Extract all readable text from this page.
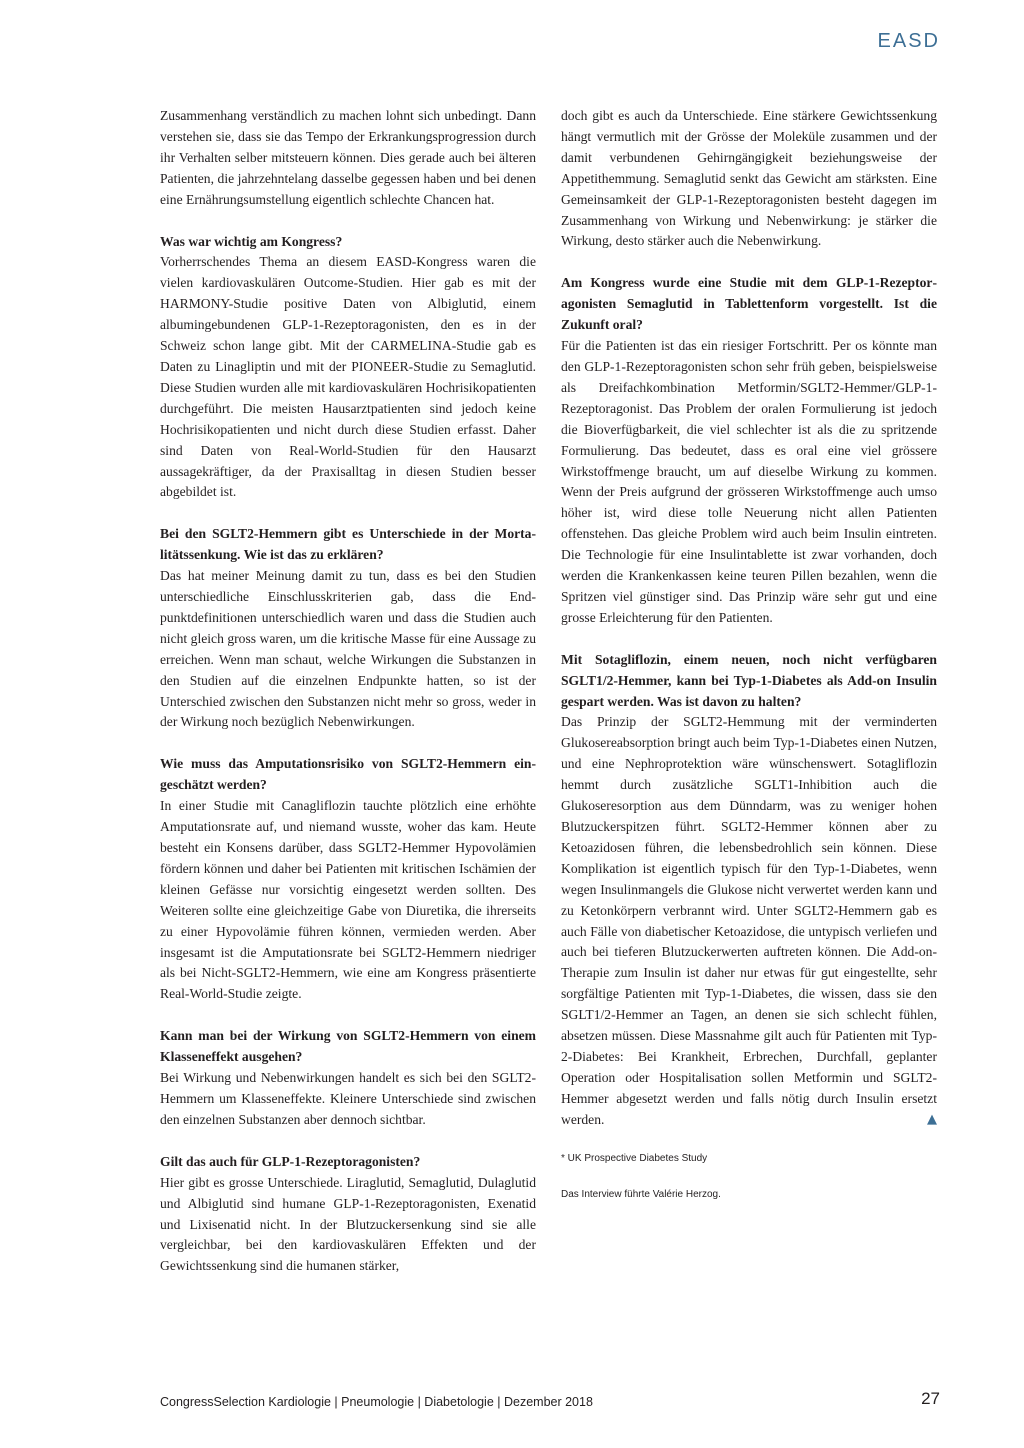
EASD

Zusammenhang verständlich zu machen lohnt sich unbedingt. Dann verstehen sie, dass sie das Tempo der Erkrankungsprogression durch ihr Verhalten selber mitsteuern können. Dies gerade auch bei älteren Patienten, die jahrzehntelang dasselbe gegessen haben und bei denen eine Ernährungsumstellung eigentlich schlechte Chancen hat.

Was war wichtig am Kongress?

Vorherrschendes Thema an diesem EASD-Kongress waren die vielen kardiovaskulären Outcome-Studien. Hier gab es mit der HARMONY-Studie positive Daten von Albiglutid, einem albumingebundenen GLP-1-Rezeptoragonisten, den es in der Schweiz schon lange gibt. Mit der CARMELINA-Studie gab es Daten zu Linagliptin und mit der PIONEER-Studie zu Semaglutid. Diese Studien wurden alle mit kardiovaskulären Hochrisikopatienten durchgeführt. Die meisten Hausarztpatienten sind jedoch keine Hochrisikopatienten und nicht durch diese Studien erfasst. Daher sind Daten von Real-World-Studien für den Hausarzt aussagekräftiger, da der Praxisalltag in diesen Studien besser abgebildet ist.

Bei den SGLT2-Hemmern gibt es Unterschiede in der Mortalitätssenkung. Wie ist das zu erklären?

Das hat meiner Meinung damit zu tun, dass es bei den Studien unterschiedliche Einschlusskriterien gab, dass die Endpunktdefinitionen unterschiedlich waren und dass die Studien auch nicht gleich gross waren, um die kritische Masse für eine Aussage zu erreichen. Wenn man schaut, welche Wirkungen die Substanzen in den Studien auf die einzelnen Endpunkte hatten, so ist der Unterschied zwischen den Substanzen nicht mehr so gross, weder in der Wirkung noch bezüglich Nebenwirkungen.

Wie muss das Amputationsrisiko von SGLT2-Hemmern eingeschätzt werden?

In einer Studie mit Canagliflozin tauchte plötzlich eine erhöhte Amputationsrate auf, und niemand wusste, woher das kam. Heute besteht ein Konsens darüber, dass SGLT2-Hemmer Hypovolämien fördern können und daher bei Patienten mit kritischen Ischämien der kleinen Gefässe nur vorsichtig eingesetzt werden sollten. Des Weiteren sollte eine gleichzeitige Gabe von Diuretika, die ihrerseits zu einer Hypovolämie führen können, vermieden werden. Aber insgesamt ist die Amputationsrate bei SGLT2-Hemmern niedriger als bei Nicht-SGLT2-Hemmern, wie eine am Kongress präsentierte Real-World-Studie zeigte.

Kann man bei der Wirkung von SGLT2-Hemmern von einem Klasseneffekt ausgehen?

Bei Wirkung und Nebenwirkungen handelt es sich bei den SGLT2-Hemmern um Klasseneffekte. Kleinere Unterschiede sind zwischen den einzelnen Substanzen aber dennoch sichtbar.

Gilt das auch für GLP-1-Rezeptoragonisten?

Hier gibt es grosse Unterschiede. Liraglutid, Semaglutid, Dulaglutid und Albiglutid sind humane GLP-1-Rezeptoragonisten, Exenatid und Lixisenatid nicht. In der Blutzuckersenkung sind sie alle vergleichbar, bei den kardiovaskulären Effekten und der Gewichtssenkung sind die humanen stärker,

doch gibt es auch da Unterschiede. Eine stärkere Gewichtssenkung hängt vermutlich mit der Grösse der Moleküle zusammen und der damit verbundenen Gehirngängigkeit beziehungsweise der Appetithemmung. Semaglutid senkt das Gewicht am stärksten. Eine Gemeinsamkeit der GLP-1-Rezeptoragonisten besteht dagegen im Zusammenhang von Wirkung und Nebenwirkung: je stärker die Wirkung, desto stärker auch die Nebenwirkung.

Am Kongress wurde eine Studie mit dem GLP-1-Rezeptoragonisten Semaglutid in Tablettenform vorgestellt. Ist die Zukunft oral?

Für die Patienten ist das ein riesiger Fortschritt. Per os könnte man den GLP-1-Rezeptoragonisten schon sehr früh geben, beispielsweise als Dreifachkombination Metformin/SGLT2-Hemmer/GLP-1-Rezeptoragonist. Das Problem der oralen Formulierung ist jedoch die Bioverfügbarkeit, die viel schlechter ist als die zu spritzende Formulierung. Das bedeutet, dass es oral eine viel grössere Wirkstoffmenge braucht, um auf dieselbe Wirkung zu kommen. Wenn der Preis aufgrund der grösseren Wirkstoffmenge auch umso höher ist, wird diese tolle Neuerung nicht allen Patienten offenstehen. Das gleiche Problem wird auch beim Insulin eintreten. Die Technologie für eine Insulintablette ist zwar vorhanden, doch werden die Krankenkassen keine teuren Pillen bezahlen, wenn die Spritzen viel günstiger sind. Das Prinzip wäre sehr gut und eine grosse Erleichterung für den Patienten.

Mit Sotagliflozin, einem neuen, noch nicht verfügbaren SGLT1/2-Hemmer, kann bei Typ-1-Diabetes als Add-on Insulin gespart werden. Was ist davon zu halten?

Das Prinzip der SGLT2-Hemmung mit der verminderten Glukosereabsorption bringt auch beim Typ-1-Diabetes einen Nutzen, und eine Nephroprotektion wäre wünschenswert. Sotagliflozin hemmt durch zusätzliche SGLT1-Inhibition auch die Glukoseresorption aus dem Dünndarm, was zu weniger hohen Blutzuckerspitzen führt. SGLT2-Hemmer können aber zu Ketoazidosen führen, die lebensbedrohlich sein können. Diese Komplikation ist eigentlich typisch für den Typ-1-Diabetes, wenn wegen Insulinmangels die Glukose nicht verwertet werden kann und zu Ketonkörpern verbrannt wird. Unter SGLT2-Hemmern gab es auch Fälle von diabetischer Ketoazidose, die untypisch verliefen und auch bei tieferen Blutzuckerwerten auftreten können. Die Add-on-Therapie zum Insulin ist daher nur etwas für gut eingestellte, sehr sorgfältige Patienten mit Typ-1-Diabetes, die wissen, dass sie den SGLT1/2-Hemmer an Tagen, an denen sie sich schlecht fühlen, absetzen müssen. Diese Massnahme gilt auch für Patienten mit Typ-2-Diabetes: Bei Krankheit, Erbrechen, Durchfall, geplanter Operation oder Hospitalisation sollen Metformin und SGLT2-Hemmer abgesetzt werden und falls nötig durch Insulin ersetzt werden.	▲

* UK Prospective Diabetes Study

Das Interview führte Valérie Herzog.

CongressSelection Kardiologie | Pneumologie | Diabetologie | Dezember 2018	27
